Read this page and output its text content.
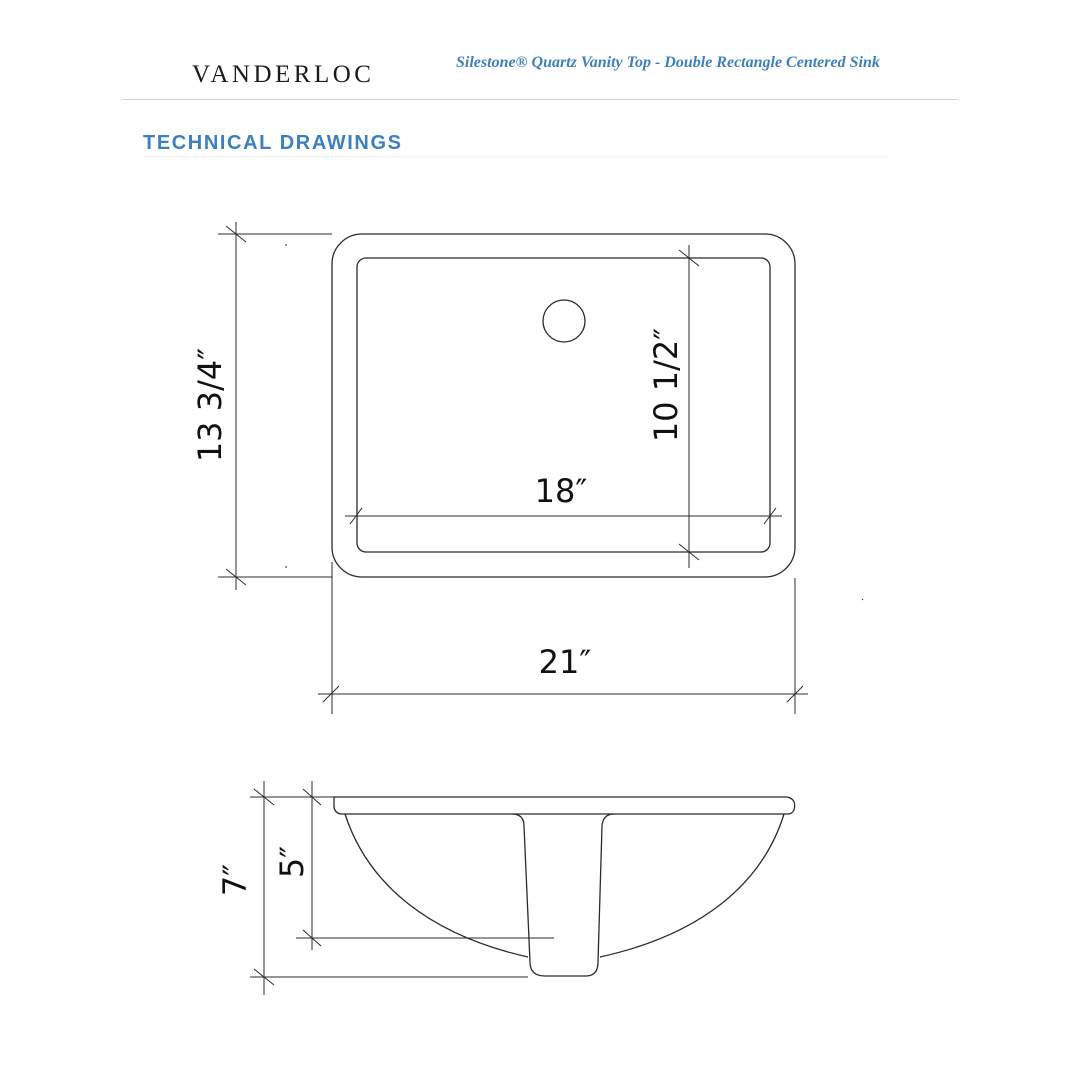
VANDERLOC	Silestone® Quartz Vanity Top - Double Rectangle Centered Sink
TECHNICAL DRAWINGS
13 3/4″	10 1/2″
18″
21″
7″
5″
